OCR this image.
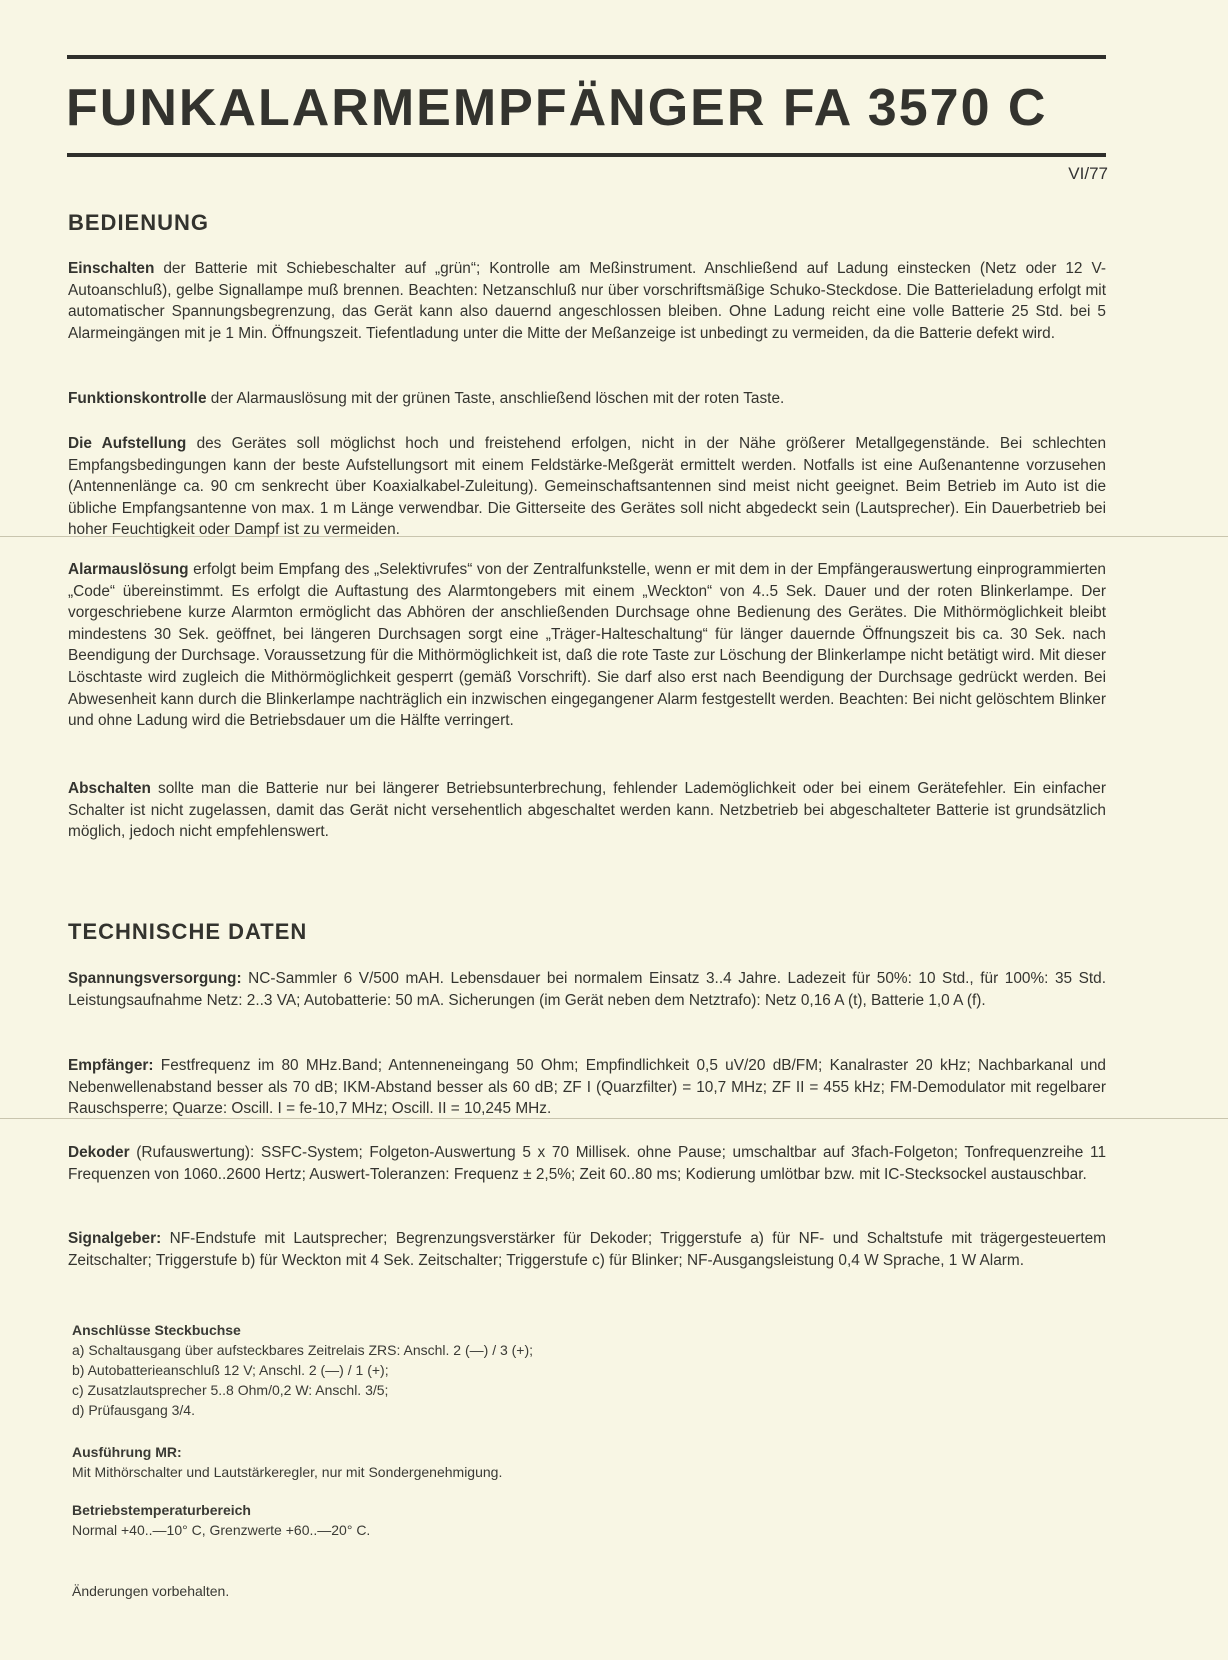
FUNKALARMEMPFÄNGER FA 3570 C
VI/77
BEDIENUNG

Einschalten der Batterie mit Schiebeschalter auf „grün“; Kontrolle am Meßinstrument. Anschließend auf Ladung einstecken (Netz oder 12 V-Autoanschluß), gelbe Signallampe muß brennen. Beachten: Netzanschluß nur über vorschriftsmäßige Schuko-Steckdose. Die Batterieladung erfolgt mit automatischer Spannungsbegrenzung, das Gerät kann also dauernd angeschlossen bleiben. Ohne Ladung reicht eine volle Batterie 25 Std. bei 5 Alarmeingängen mit je 1 Min. Öffnungszeit. Tiefentladung unter die Mitte der Meßanzeige ist unbedingt zu vermeiden, da die Batterie defekt wird.

Funktionskontrolle der Alarmauslösung mit der grünen Taste, anschließend löschen mit der roten Taste.

Die Aufstellung des Gerätes soll möglichst hoch und freistehend erfolgen, nicht in der Nähe größerer Metallgegenstände. Bei schlechten Empfangsbedingungen kann der beste Aufstellungsort mit einem Feldstärke-Meßgerät ermittelt werden. Notfalls ist eine Außenantenne vorzusehen (Antennenlänge ca. 90 cm senkrecht über Koaxialkabel-Zuleitung). Gemeinschaftsantennen sind meist nicht geeignet. Beim Betrieb im Auto ist die übliche Empfangsantenne von max. 1 m Länge verwendbar. Die Gitterseite des Gerätes soll nicht abgedeckt sein (Lautsprecher). Ein Dauerbetrieb bei hoher Feuchtigkeit oder Dampf ist zu vermeiden.

Alarmauslösung erfolgt beim Empfang des „Selektivrufes“ von der Zentralfunkstelle, wenn er mit dem in der Empfängerauswertung einprogrammierten „Code“ übereinstimmt. Es erfolgt die Auftastung des Alarmtongebers mit einem „Weckton“ von 4..5 Sek. Dauer und der roten Blinkerlampe. Der vorgeschriebene kurze Alarmton ermöglicht das Abhören der anschließenden Durchsage ohne Bedienung des Gerätes. Die Mithörmöglichkeit bleibt mindestens 30 Sek. geöffnet, bei längeren Durchsagen sorgt eine „Träger-Halteschaltung“ für länger dauernde Öffnungszeit bis ca. 30 Sek. nach Beendigung der Durchsage. Voraussetzung für die Mithörmöglichkeit ist, daß die rote Taste zur Löschung der Blinkerlampe nicht betätigt wird. Mit dieser Löschtaste wird zugleich die Mithörmöglichkeit gesperrt (gemäß Vorschrift). Sie darf also erst nach Beendigung der Durchsage gedrückt werden. Bei Abwesenheit kann durch die Blinkerlampe nachträglich ein inzwischen eingegangener Alarm festgestellt werden. Beachten: Bei nicht gelöschtem Blinker und ohne Ladung wird die Betriebsdauer um die Hälfte verringert.

Abschalten sollte man die Batterie nur bei längerer Betriebsunterbrechung, fehlender Lademöglichkeit oder bei einem Gerätefehler. Ein einfacher Schalter ist nicht zugelassen, damit das Gerät nicht versehentlich abgeschaltet werden kann. Netzbetrieb bei abgeschalteter Batterie ist grundsätzlich möglich, jedoch nicht empfehlenswert.

TECHNISCHE DATEN

Spannungsversorgung: NC-Sammler 6 V/500 mAH. Lebensdauer bei normalem Einsatz 3..4 Jahre. Ladezeit für 50%: 10 Std., für 100%: 35 Std. Leistungsaufnahme Netz: 2..3 VA; Autobatterie: 50 mA. Sicherungen (im Gerät neben dem Netztrafo): Netz 0,16 A (t), Batterie 1,0 A (f).

Empfänger: Festfrequenz im 80 MHz.Band; Antenneneingang 50 Ohm; Empfindlichkeit 0,5 uV/20 dB/FM; Kanalraster 20 kHz; Nachbarkanal und Nebenwellenabstand besser als 70 dB; IKM-Abstand besser als 60 dB; ZF I (Quarzfilter) = 10,7 MHz; ZF II = 455 kHz; FM-Demodulator mit regelbarer Rauschsperre; Quarze: Oscill. I = fe-10,7 MHz; Oscill. II = 10,245 MHz.

Dekoder (Rufauswertung): SSFC-System; Folgeton-Auswertung 5 x 70 Millisek. ohne Pause; umschaltbar auf 3fach-Folgeton; Tonfrequenzreihe 11 Frequenzen von 1060..2600 Hertz; Auswert-Toleranzen: Frequenz ± 2,5%; Zeit 60..80 ms; Kodierung umlötbar bzw. mit IC-Stecksockel austauschbar.

Signalgeber: NF-Endstufe mit Lautsprecher; Begrenzungsverstärker für Dekoder; Triggerstufe a) für NF- und Schaltstufe mit trägergesteuertem Zeitschalter; Triggerstufe b) für Weckton mit 4 Sek. Zeitschalter; Triggerstufe c) für Blinker; NF-Ausgangsleistung 0,4 W Sprache, 1 W Alarm.

Anschlüsse Steckbuchse
a) Schaltausgang über aufsteckbares Zeitrelais ZRS: Anschl. 2 (—) / 3 (+);
b) Autobatterieanschluß 12 V; Anschl. 2 (—) / 1 (+);
c) Zusatzlautsprecher 5..8 Ohm/0,2 W: Anschl. 3/5;
d) Prüfausgang 3/4.
Ausführung MR:
Mit Mithörschalter und Lautstärkeregler, nur mit Sondergenehmigung.
Betriebstemperaturbereich
Normal +40..—10° C, Grenzwerte +60..—20° C.
Änderungen vorbehalten.
